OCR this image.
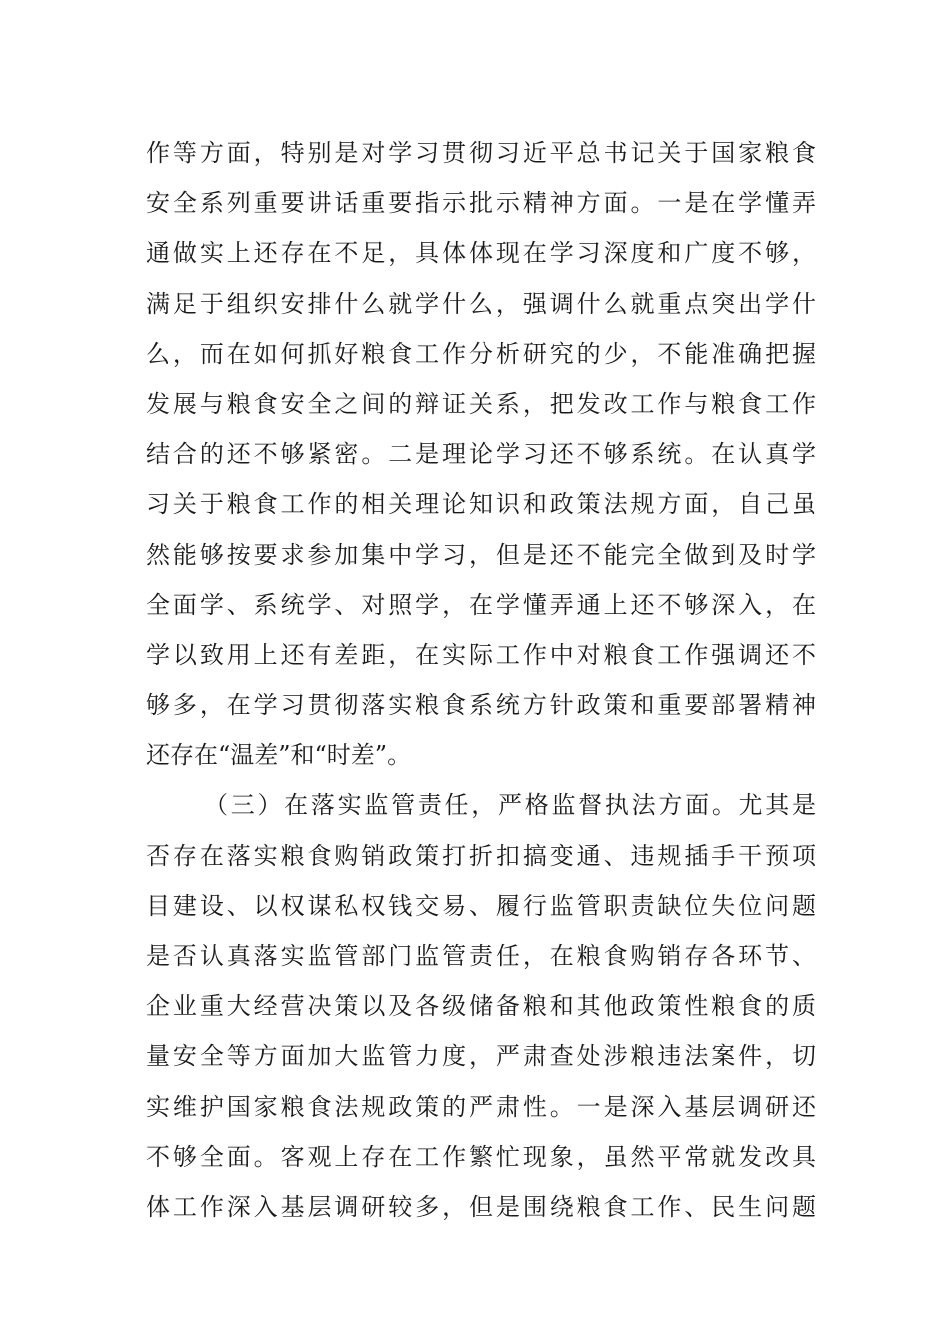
作等方面，特别是对学习贯彻习近平总书记关于国家粮食
安全系列重要讲话重要指示批示精神方面。一是在学懂弄
通做实上还存在不足，具体体现在学习深度和广度不够，
满足于组织安排什么就学什么，强调什么就重点突出学什
么，而在如何抓好粮食工作分析研究的少，不能准确把握
发展与粮食安全之间的辩证关系，把发改工作与粮食工作
结合的还不够紧密。二是理论学习还不够系统。在认真学
习关于粮食工作的相关理论知识和政策法规方面，自己虽
然能够按要求参加集中学习，但是还不能完全做到及时学
全面学、系统学、对照学，在学懂弄通上还不够深入，在
学以致用上还有差距，在实际工作中对粮食工作强调还不
够多，在学习贯彻落实粮食系统方针政策和重要部署精神
还存在“温差”和“时差”。
（三）在落实监管责任，严格监督执法方面。尤其是
否存在落实粮食购销政策打折扣搞变通、违规插手干预项
目建设、以权谋私权钱交易、履行监管职责缺位失位问题
是否认真落实监管部门监管责任，在粮食购销存各环节、
企业重大经营决策以及各级储备粮和其他政策性粮食的质
量安全等方面加大监管力度，严肃查处涉粮违法案件，切
实维护国家粮食法规政策的严肃性。一是深入基层调研还
不够全面。客观上存在工作繁忙现象，虽然平常就发改具
体工作深入基层调研较多，但是围绕粮食工作、民生问题
